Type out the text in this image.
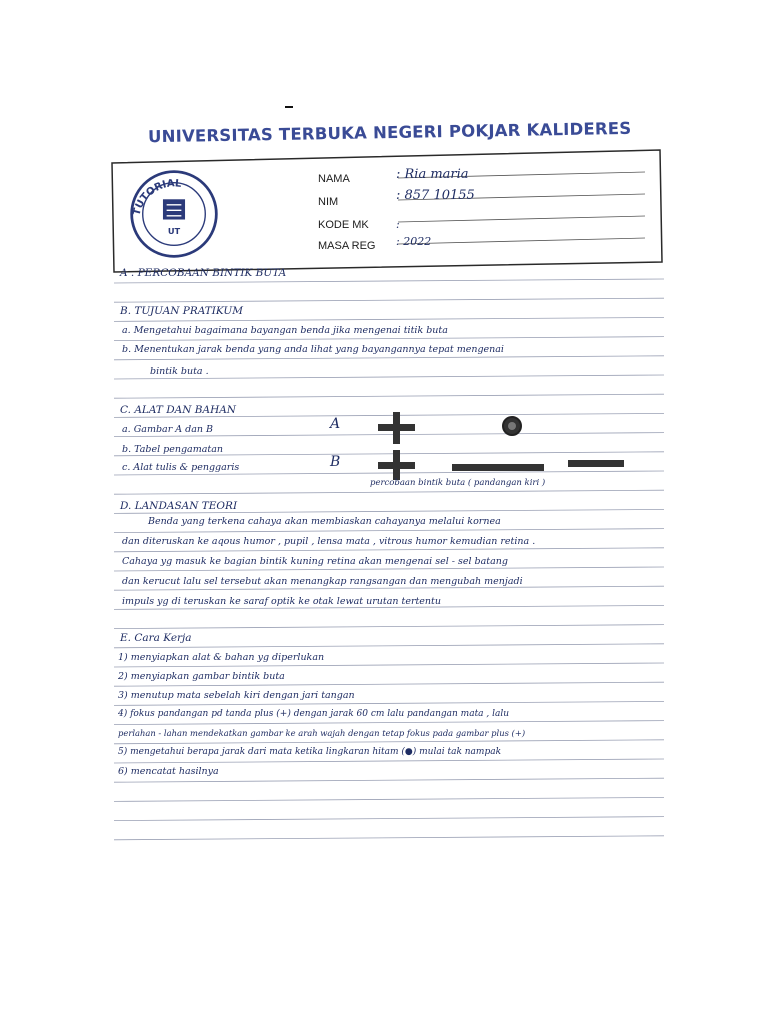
UNIVERSITAS TERBUKA NEGERI POKJAR KALIDERES
UT
TUTORIAL	NAMA	: Ria maria
NIM	: 857 10155
KODE MK :
MASA REG : 2022
A . PERCOBAAN BINTIK BUTA
B. TUJUAN PRATIKUM
a. Mengetahui bagaimana bayangan benda jika mengenai titik buta
b. Menentukan jarak benda yang anda lihat yang bayangannya tepat mengenai
bintik buta .
C. ALAT DAN BAHAN
a. Gambar A dan B
b. Tabel pengamatan
c. Alat tulis & penggaris
A
B
percobaan bintik buta ( pandangan kiri )
D. LANDASAN TEORI
Benda yang terkena cahaya akan membiaskan cahayanya melalui kornea
dan diteruskan ke aqous humor , pupil , lensa mata , vitrous humor kemudian retina .
Cahaya yg masuk ke bagian bintik kuning retina akan mengenai sel - sel batang
dan kerucut lalu sel tersebut akan menangkap rangsangan dan mengubah menjadi
impuls yg di teruskan ke saraf optik ke otak lewat urutan tertentu
E. Cara Kerja
1) menyiapkan alat & bahan yg diperlukan
2) menyiapkan gambar bintik buta
3) menutup mata sebelah kiri dengan jari tangan
4) fokus pandangan pd tanda plus (+) dengan jarak 60 cm lalu pandangan mata , lalu
perlahan - lahan mendekatkan gambar ke arah wajah dengan tetap fokus pada gambar plus (+)
5) mengetahui berapa jarak dari mata ketika lingkaran hitam (●) mulai tak nampak
6) mencatat hasilnya
